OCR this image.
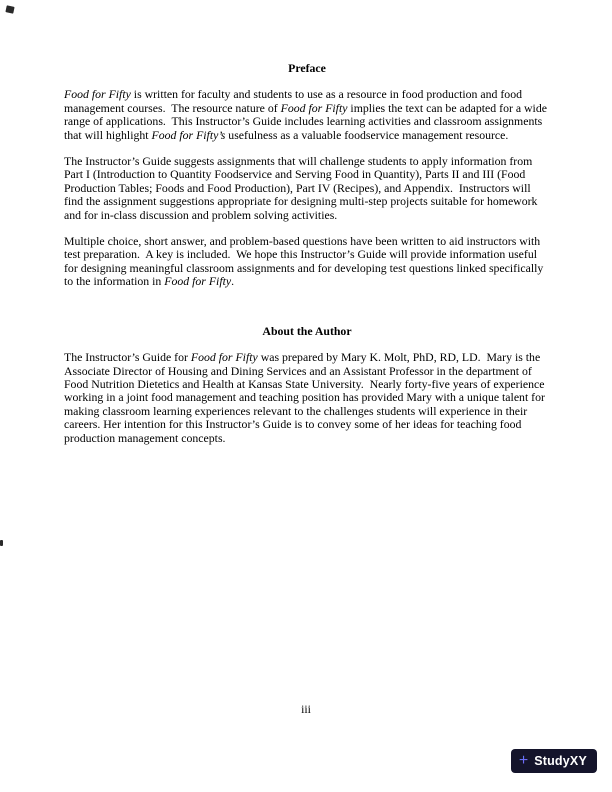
Preface

Food for Fifty is written for faculty and students to use as a resource in food production and food management courses.  The resource nature of Food for Fifty implies the text can be adapted for a wide range of applications.  This Instructor’s Guide includes learning activities and classroom assignments that will highlight Food for Fifty’s usefulness as a valuable foodservice management resource.

The Instructor’s Guide suggests assignments that will challenge students to apply information from Part I (Introduction to Quantity Foodservice and Serving Food in Quantity), Parts II and III (Food Production Tables; Foods and Food Production), Part IV (Recipes), and Appendix.  Instructors will find the assignment suggestions appropriate for designing multi-step projects suitable for homework and for in-class discussion and problem solving activities.

Multiple choice, short answer, and problem-based questions have been written to aid instructors with test preparation.  A key is included.  We hope this Instructor’s Guide will provide information useful for designing meaningful classroom assignments and for developing test questions linked specifically to the information in Food for Fifty.

About the Author

The Instructor’s Guide for Food for Fifty was prepared by Mary K. Molt, PhD, RD, LD.  Mary is the Associate Director of Housing and Dining Services and an Assistant Professor in the department of Food Nutrition Dietetics and Health at Kansas State University.  Nearly forty-five years of experience working in a joint food management and teaching position has provided Mary with a unique talent for making classroom learning experiences relevant to the challenges students will experience in their careers. Her intention for this Instructor’s Guide is to convey some of her ideas for teaching food production management concepts.

iii
+ StudyXY
